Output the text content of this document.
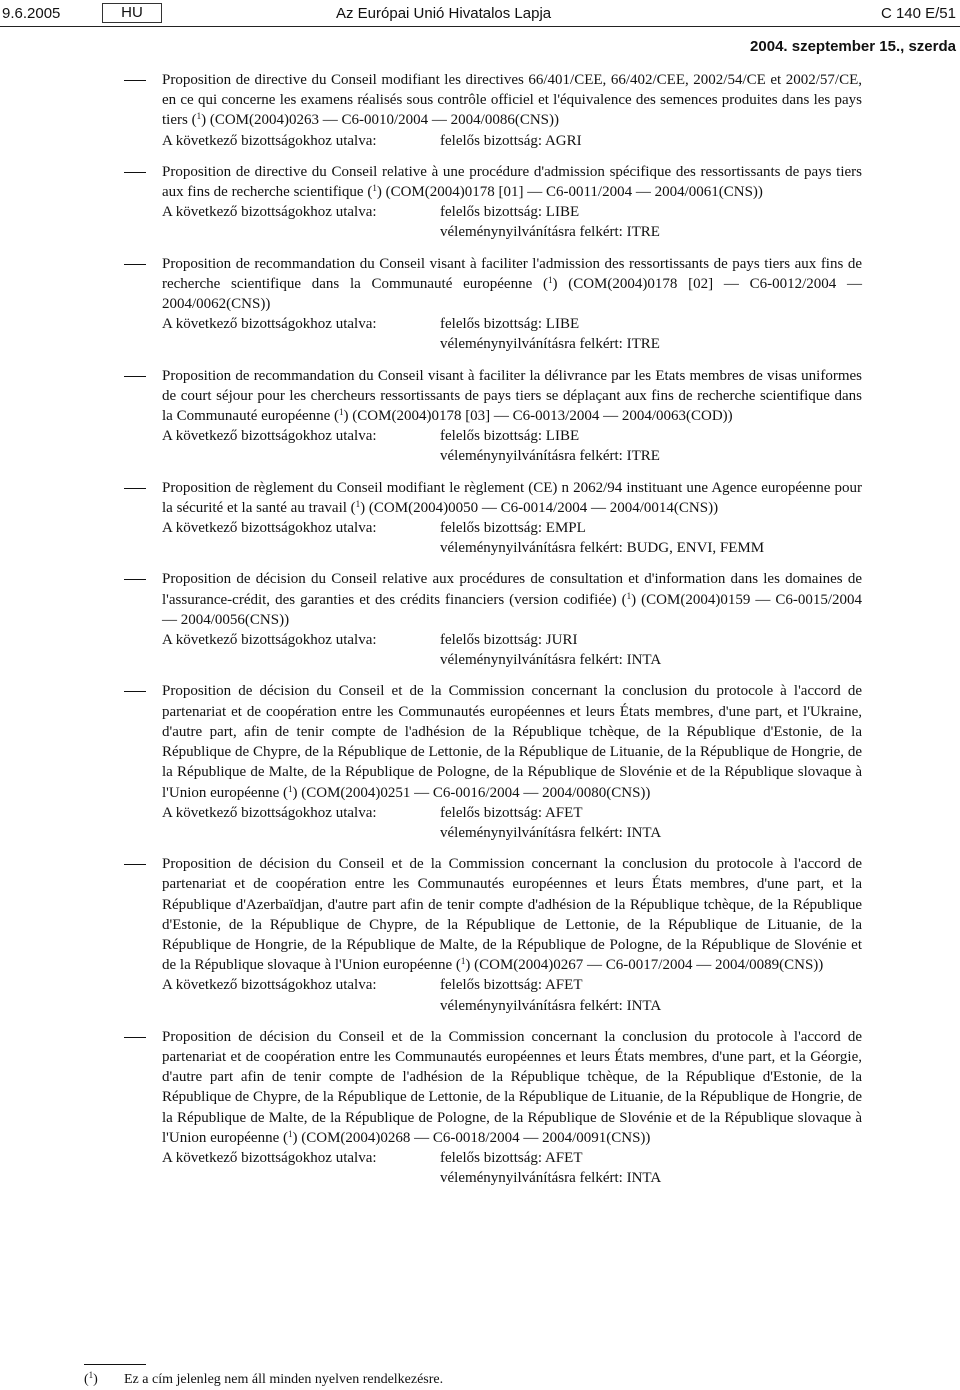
9.6.2005	HU	Az Európai Unió Hivatalos Lapja	C 140 E/51
2004. szeptember 15., szerda
Proposition de directive du Conseil modifiant les directives 66/401/CEE, 66/402/CEE, 2002/54/CE et 2002/57/CE, en ce qui concerne les examens réalisés sous contrôle officiel et l'équivalence des semences produites dans les pays tiers ($^1$) (COM(2004)0263 — C6-0010/2004 — 2004/0086(CNS))
A következő bizottságokhoz utalva:	felelős bizottság: AGRI
Proposition de directive du Conseil relative à une procédure d'admission spécifique des ressortissants de pays tiers aux fins de recherche scientifique ($^1$) (COM(2004)0178 [01] — C6-0011/2004 — 2004/0061(CNS))
A következő bizottságokhoz utalva:	felelős bizottság: LIBE
véleménynyilvánításra felkért: ITRE
Proposition de recommandation du Conseil visant à faciliter l'admission des ressortissants de pays tiers aux fins de recherche scientifique dans la Communauté européenne ($^1$) (COM(2004)0178 [02] — C6-0012/2004 — 2004/0062(CNS))
A következő bizottságokhoz utalva:	felelős bizottság: LIBE
véleménynyilvánításra felkért: ITRE
Proposition de recommandation du Conseil visant à faciliter la délivrance par les Etats membres de visas uniformes de court séjour pour les chercheurs ressortissants de pays tiers se déplaçant aux fins de recherche scientifique dans la Communauté européenne ($^1$) (COM(2004)0178 [03] — C6-0013/2004 — 2004/0063(COD))
A következő bizottságokhoz utalva:	felelős bizottság: LIBE
véleménynyilvánításra felkért: ITRE
Proposition de règlement du Conseil modifiant le règlement (CE) n 2062/94 instituant une Agence européenne pour la sécurité et la santé au travail ($^1$) (COM(2004)0050 — C6-0014/2004 — 2004/0014(CNS))
A következő bizottságokhoz utalva:	felelős bizottság: EMPL
véleménynyilvánításra felkért: BUDG, ENVI, FEMM
Proposition de décision du Conseil relative aux procédures de consultation et d'information dans les domaines de l'assurance-crédit, des garanties et des crédits financiers (version codifiée) ($^1$) (COM(2004)0159 — C6-0015/2004 — 2004/0056(CNS))
A következő bizottságokhoz utalva:	felelős bizottság: JURI
véleménynyilvánításra felkért: INTA
Proposition de décision du Conseil et de la Commission concernant la conclusion du protocole à l'accord de partenariat et de coopération entre les Communautés européennes et leurs États membres, d'une part, et l'Ukraine, d'autre part, afin de tenir compte de l'adhésion de la République tchèque, de la République d'Estonie, de la République de Chypre, de la République de Lettonie, de la République de Lituanie, de la République de Hongrie, de la République de Malte, de la République de Pologne, de la République de Slovénie et de la République slovaque à l'Union européenne ($^1$) (COM(2004)0251 — C6-0016/2004 — 2004/0080(CNS))
A következő bizottságokhoz utalva:	felelős bizottság: AFET
véleménynyilvánításra felkért: INTA
Proposition de décision du Conseil et de la Commission concernant la conclusion du protocole à l'accord de partenariat et de coopération entre les Communautés européennes et leurs États membres, d'une part, et la République d'Azerbaïdjan, d'autre part afin de tenir compte d'adhésion de la République tchèque, de la République d'Estonie, de la République de Chypre, de la République de Lettonie, de la République de Lituanie, de la République de Hongrie, de la République de Malte, de la République de Pologne, de la République de Slovénie et de la République slovaque à l'Union européenne ($^1$) (COM(2004)0267 — C6-0017/2004 — 2004/0089(CNS))
A következő bizottságokhoz utalva:	felelős bizottság: AFET
véleménynyilvánításra felkért: INTA
Proposition de décision du Conseil et de la Commission concernant la conclusion du protocole à l'accord de partenariat et de coopération entre les Communautés européennes et leurs États membres, d'une part, et la Géorgie, d'autre part afin de tenir compte de l'adhésion de la République tchèque, de la République d'Estonie, de la République de Chypre, de la République de Lettonie, de la République de Lituanie, de la République de Hongrie, de la République de Malte, de la République de Pologne, de la République de Slovénie et de la République slovaque à l'Union européenne ($^1$) (COM(2004)0268 — C6-0018/2004 — 2004/0091(CNS))
A következő bizottságokhoz utalva:	felelős bizottság: AFET
véleménynyilvánításra felkért: INTA
($^1$) Ez a cím jelenleg nem áll minden nyelven rendelkezésre.
